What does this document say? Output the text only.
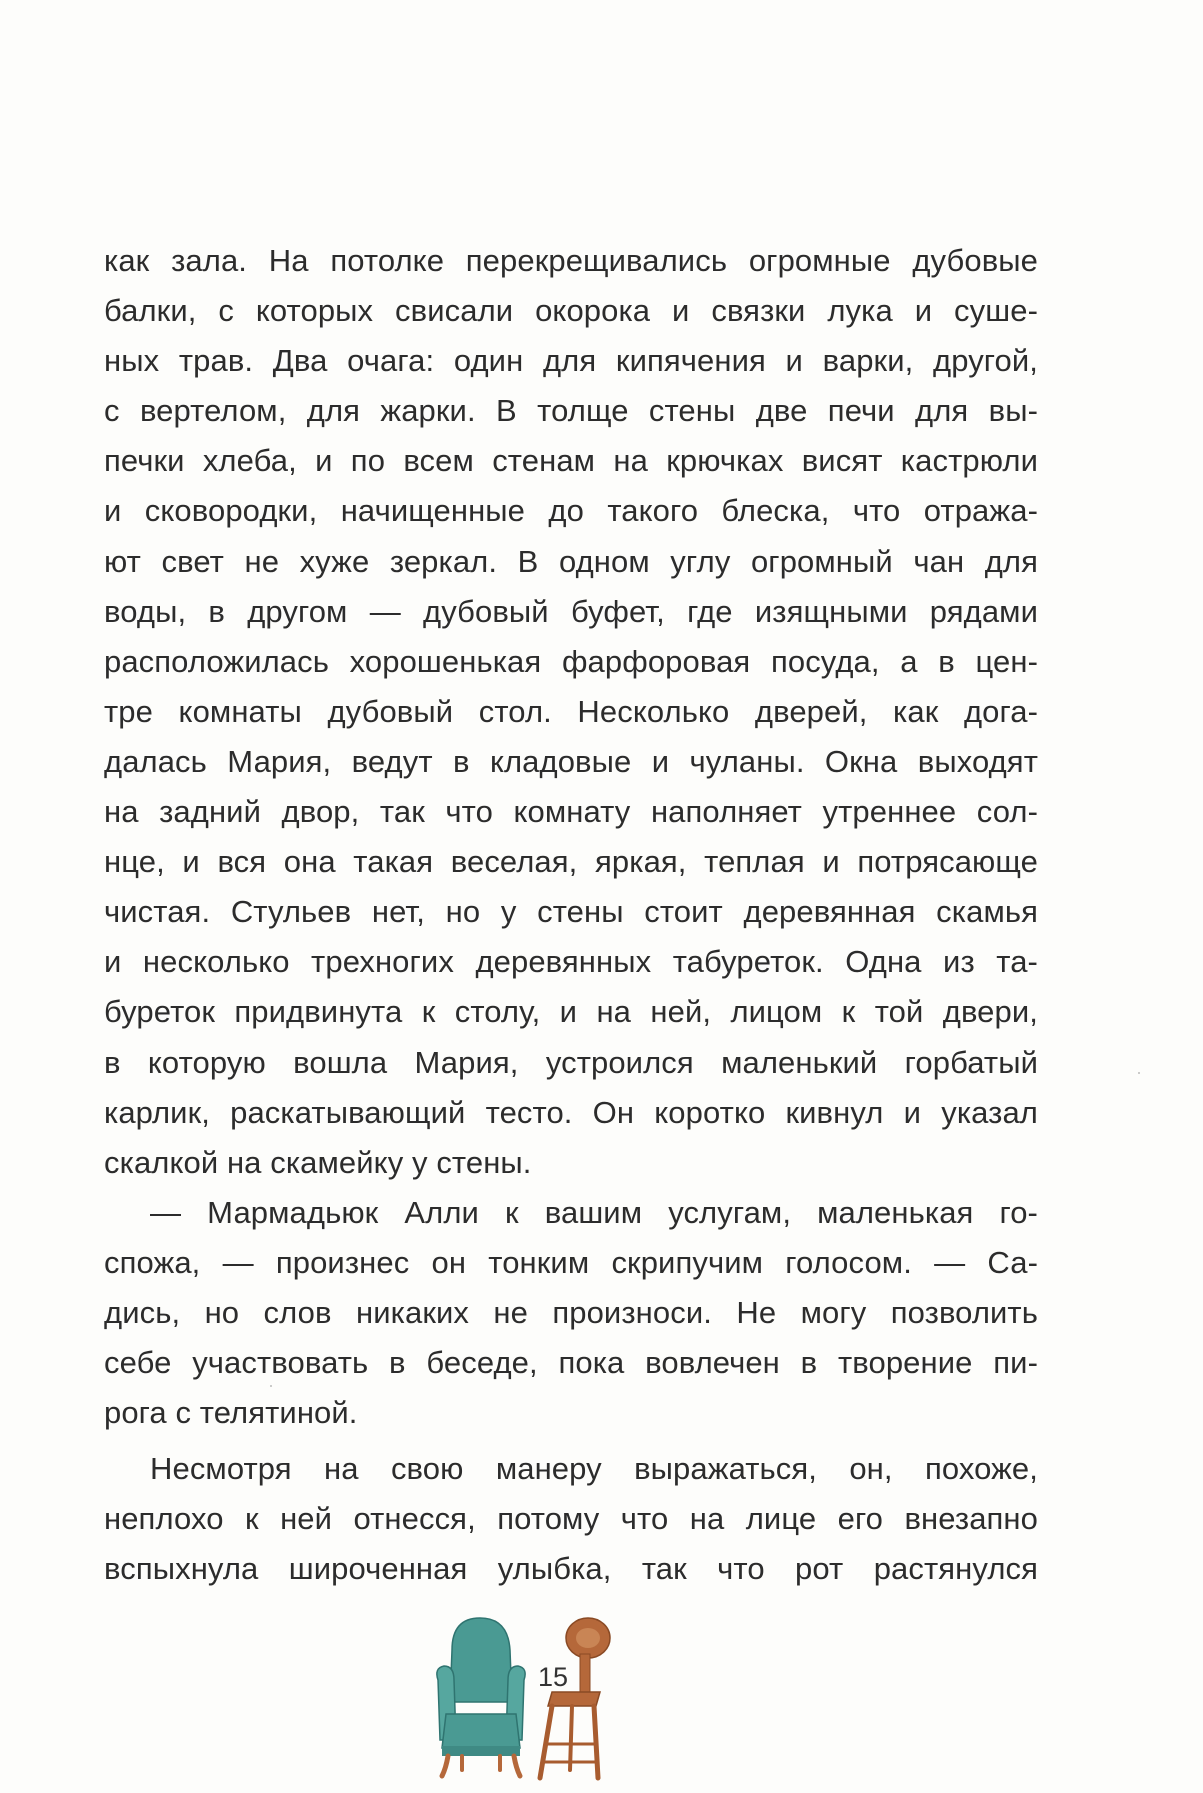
как зала. На потолке перекрещивались огромные дубовые
балки, с которых свисали окорока и связки лука и суше-
ных трав. Два очага: один для кипячения и варки, другой,
с вертелом, для жарки. В толще стены две печи для вы-
печки хлеба, и по всем стенам на крючках висят кастрюли
и сковородки, начищенные до такого блеска, что отража-
ют свет не хуже зеркал. В одном углу огромный чан для
воды, в другом — дубовый буфет, где изящными рядами
расположилась хорошенькая фарфоровая посуда, а в цен-
тре комнаты дубовый стол. Несколько дверей, как дога-
далась Мария, ведут в кладовые и чуланы. Окна выходят
на задний двор, так что комнату наполняет утреннее сол-
нце, и вся она такая веселая, яркая, теплая и потрясающе
чистая. Стульев нет, но у стены стоит деревянная скамья
и несколько трехногих деревянных табуреток. Одна из та-
буреток придвинута к столу, и на ней, лицом к той двери,
в которую вошла Мария, устроился маленький горбатый
карлик, раскатывающий тесто. Он коротко кивнул и указал
скалкой на скамейку у стены.
— Мармадьюк Алли к вашим услугам, маленькая го-
спожа, — произнес он тонким скрипучим голосом. — Са-
дись, но слов никаких не произноси. Не могу позволить
себе участвовать в беседе, пока вовлечен в творение пи-
рога с телятиной.
Несмотря на свою манеру выражаться, он, похоже,
неплохо к ней отнесся, потому что на лице его внезапно
вспыхнула широченная улыбка, так что рот растянулся
15
